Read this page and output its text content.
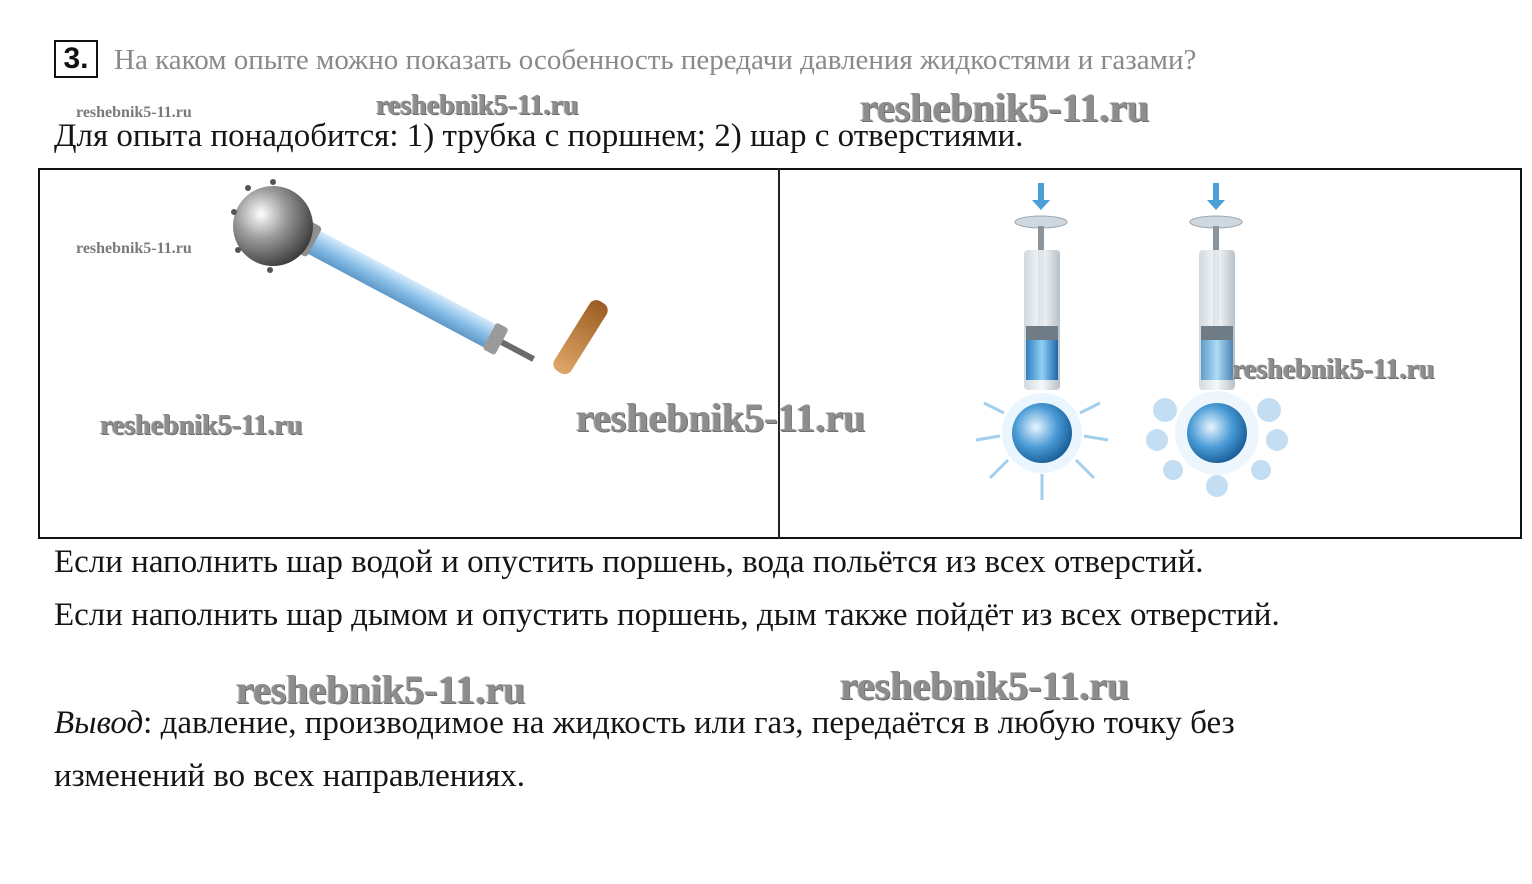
3. На каком опыте можно показать особенность передачи давления жидкостями и газами?
reshebnik5-11.ru	reshebnik5-11.ru	reshebnik5-11.ru
Для опыта понадобится: 1) трубка с поршнем; 2) шар с отверстиями.
reshebnik5-11.ru
reshebnik5-11.ru	reshebnik5-11.ru
reshebnik5-11.ru
Если наполнить шар водой и опустить поршень, вода польётся из всех отверстий.
Если наполнить шар дымом и опустить поршень, дым также пойдёт из всех отверстий.
reshebnik5-11.ru	reshebnik5-11.ru
Вывод: давление, производимое на жидкость или газ, передаётся в любую точку без
изменений во всех направлениях.
